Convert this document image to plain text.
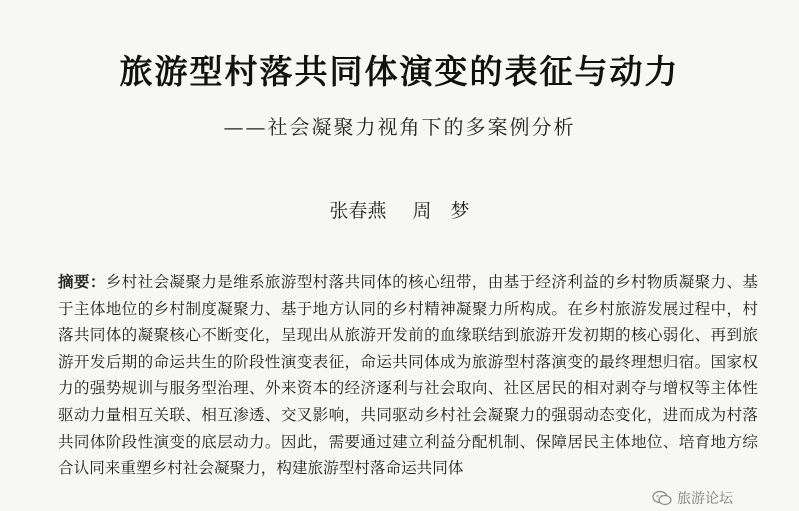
旅游型村落共同体演变的表征与动力
——社会凝聚力视角下的多案例分析
张春燕 周　梦
摘要：乡村社会凝聚力是维系旅游型村落共同体的核心纽带，由基于经济利益的乡村物质凝聚力、基于主体地位的乡村制度凝聚力、基于地方认同的乡村精神凝聚力所构成。在乡村旅游发展过程中，村落共同体的凝聚核心不断变化，呈现出从旅游开发前的血缘联结到旅游开发初期的核心弱化、再到旅游开发后期的命运共生的阶段性演变表征，命运共同体成为旅游型村落演变的最终理想归宿。国家权力的强势规训与服务型治理、外来资本的经济逐利与社会取向、社区居民的相对剥夺与增权等主体性驱动力量相互关联、相互渗透、交叉影响，共同驱动乡村社会凝聚力的强弱动态变化，进而成为村落共同体阶段性演变的底层动力。因此，需要通过建立利益分配机制、保障居民主体地位、培育地方综合认同来重塑乡村社会凝聚力，构建旅游型村落命运共同体
旅游论坛
